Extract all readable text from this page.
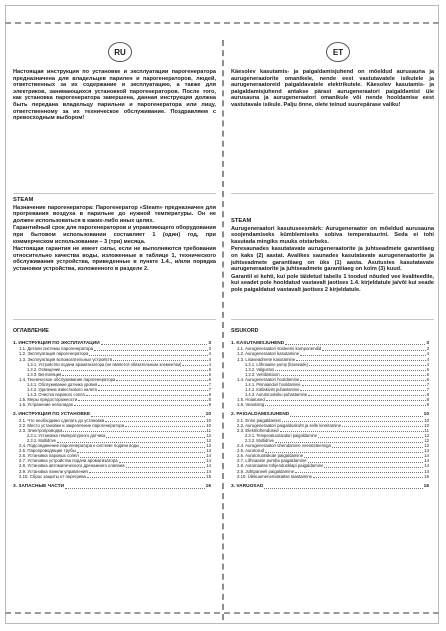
RU	ET
Настоящая инструкция по установке и эксплуатации парогенератора предназначена для владельцев парилен и парогенераторов, людей, ответственных за их содержание и эксплуатацию, а также для электриков, занимающихся установкой парогенераторов. После того, как установка парогенератора завершена, данная инструкция должна быть передана владельцу парильни и парогенератора или лицу, ответственному за их техническое обслуживание. Поздравляем с превосходным выбором!
STEAM

Назначение парогенератора: Парогенератор «Steam» предназначен для прогревания воздуха в парильне до нужной температуры. Он не должен использоваться в каких-либо иных целях.

Гарантийный срок для парогенераторов и управляющего оборудования при бытовом использовании составляет 1 (один) год, при коммерческом использовании – 3 (три) месяца.

Настоящая гарантия не имеет силы, если не выполняются требования относительно качества воды, изложенные в таблице 1, технического обслуживания устройства, приведенные в пункте 1.4., и/или порядка установки устройства, изложенного в разделе 2.

ОГЛАВЛЕНИЕ
1. ИНСТРУКЦИЯ ПО ЭКСПЛУАТАЦИИ	3
1.1. Детали системы парогенератора	3
1.2. Эксплуатация парогенератора	4
1.3. Эксплуатация вспомогательных устройств	4
1.3.1. Устройство подачи ароматизатора (не является обязательным элементом)	4
1.3.2. Освещение	6
1.3.3. Вентиляция	6
1.4. Техническое обслуживание парогенератора	6
1.4.1. Обслуживание датчика уровня	7
1.4.2. Удаление известкового налета	7
1.4.3. Очистка парового сопла	8
1.5. Меры предосторожности	8
1.6. Устранение неполадок	9
2. ИНСТРУКЦИЯ ПО УСТАНОВКЕ	10
2.1. Что необходимо сделать до установки	10
2.2. Место установки и закрепление парогенератора	10
2.3. Электропроводка	11
2.3.1. Установка температурного датчика	12
2.3.2. Multidrive	12
2.4. Подсоединение парогенератора к системе подачи воды	13
2.5. Паропроводящие трубы	13
2.6. Установка паровых сопел	14
2.7. Установка устройства подачи ароматизатора	14
2.8. Установка автоматического дренажного клапана	14
2.9. Установка панели управления	14
2.10. Сброс защиты от перегрева	15
3. ЗАПАСНЫЕ ЧАСТИ	16
Käesolev kasutamis- ja paigaldamisjuhend on mõeldud aurusauna ja aurugeneraatorite omanikele, nende eest vastutavatele isikutele ja aurugeneraatoreid paigaldavatele elektrikutele. Käesolev kasutamis- ja paigaldamisjuhend antakse pärast aurugeneraatori paigaldamist üle aurusauna ja aurugeneraatori omanikule või nende hooldamise eest vastutavale isikule. Palju õnne, olete teinud suurepärase valiku!
STEAM

Aurugeneraatori kasutuseesmärk: Aurugeneraator on mõeldud aurusauna soojendamiseks kümblemiseks sobiva temperatuurini. Seda ei tohi kasutada mingiks muuks otstarbeks.

Peresaunades kasutatavate aurugeneraatorite ja juhtseadmete garantiiaeg on kaks (2) aastat. Avalikes saunades kasutatavate aurugeneraatorite ja juhtseadmete garantiiaeg on üks (1) aasta. Asutustes kasutatavate aurugeneraatorite ja juhtseadmete garantiiaeg on kolm (3) kuud.

Garantii ei kehti, kui pole täidetud tabelis 1 toodud nõuded vee kvaliteedile, kui seadet pole hooldatud vastavalt jaotises 1.4. kirjeldatule ja/või kui seade pole paigaldatud vastavalt jaotises 2 kirjeldatule.

SISUKORD
1. KASUTAMISJUHEND	3
1.1. Aurugeneraatori süsteemi komponendid	3
1.2. Aurugeneraatori kasutamine	4
1.3. Lisaseadmete kasutamine	4
1.3.1. Lõhnaaine pump (lisaseade)	4
1.3.2. Valgustus	6
1.3.3. Ventilatsioon	6
1.4. Aurugeneraatori hooldamine	6
1.4.1. Pinnaanduri hooldamine	7
1.4.2. Katlakivist puhastamine	7
1.4.3. Aurutoruotsiku puhastamine	8
1.5. Hoiatused	8
1.6. Veaotsing	9
2. PAIGALDAMISJUHEND	10
2.1. Enne paigaldamist	10
2.2. Aurugeneraatori paigalduskoht ja selle kinnitamine	10
2.3. Elektriühendused	11
2.3.1. Temperatuurianduri paigaldamine	12
2.3.2. Multidrive	12
2.4. Aurugeneraatori ühendamine veesüsteemiga	13
2.5. Aurutorud	13
2.6. Aurutoruotsikute paigaldamine	14
2.7. Lõhnaaine pumba paigaldamine	14
2.8. Automaatse tühjendusklapi paigaldamine	14
2.9. Juhtpaneeli paigaldamine	14
2.10. Ülekuumenemiskaitse taastamine	15
3. VARUOSAD	16
